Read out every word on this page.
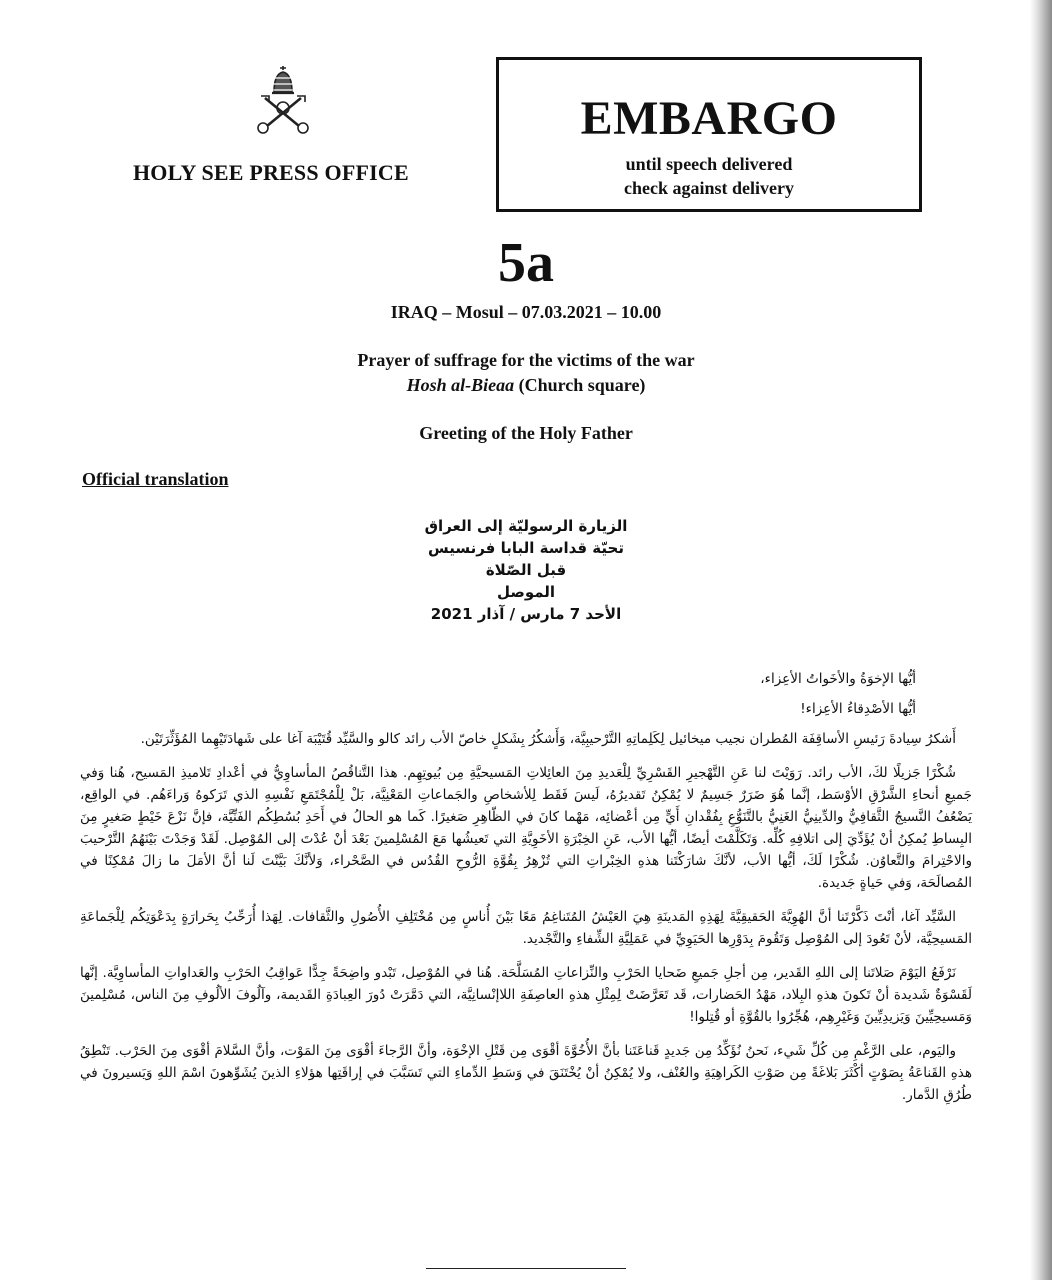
HOLY SEE PRESS OFFICE
EMBARGO
until speech delivered
check against delivery
5a
IRAQ – Mosul – 07.03.2021 – 10.00
Prayer of suffrage for the victims of the war
Hosh al-Bieaa (Church square)
Greeting of the Holy Father
Official translation
الزيارة الرسوليّة إلى العراق
تحيّة قداسة البابا فرنسيس
قبل الصّلاة
الموصل
الأحد 7 مارس / آذار 2021

أيُّها الإخوَةُ والأخَواتُ الأعِزاء،

أيُّها الأصْدِقاءُ الأعِزاء!

أَشكرُ سِيادةَ رَئيسِ الأساقِفَة المُطران نجيب ميخائيل لِكَلِماتِهِ التَّرْحيبِيَّة، وَأَشكُرُ بِشَكلٍ خاصّ الأب رائد كالو والسَّيِّد قُتَيْبَة آغا على شَهادَتَيْهِما المُؤَثِّرَتَيْن.

شُكْرًا جَزيلًا لكَ، الأب رائد. رَوَيْتَ لنا عَنِ التَّهْجيرِ القَسْرِيِّ لِلْعَديدِ مِنَ العائِلاتِ المَسيحيَّةِ مِن بُيوتِهِم. هذا التَّناقُصُ المأساوِيُّ في أعْدادِ تَلاميذِ المَسيح، هُنا وَفي جَميعِ أنحاءِ الشَّرْقِ الأوْسَط، إنَّما هُوَ ضَرَرٌ جَسِيمٌ لا يُمْكِنُ تَقديرُهُ، لَيسَ فَقَط لِلأشخاصِ والجَماعاتِ المَعْنِيَّة، بَلْ لِلْمُجْتَمَعِ نَفْسِهِ الذي تَرَكوهُ وَراءَهُم. في الواقِع، يَضْعُفُ النَّسيجُ الثَّقافِيُّ والدِّينِيُّ الغَنِيُّ بالتَّنَوُّعِ بِفُقْدانِ أَيٍّ مِن أعْضائِه، مَهْما كانَ في الظّاهِرِ صَغيرًا. كَما هو الحالُ في أَحَدِ بُسُطِكُم الفَنِّيَّة، فإنَّ نَزْعَ خَيْطٍ صَغيرٍ مِنَ البِساطِ يُمكِنُ أنْ يُؤَدِّيَ إلى اتلافِهِ كُلِّه. وَتَكَلَّمْتَ أيضًا، أيُّها الأب، عَنِ الخِبْرَةِ الأخَوِيَّةِ التي تَعيشُها مَعَ المُسْلِمينَ بَعْدَ أنْ عُدْتَ إلى المُوْصِل. لَقَدْ وَجَدْتَ بَيْنَهُمُ التَّرْحيبَ والاحْتِرامَ والتَّعاوُن. شُكْرًا لَكَ، أيُّها الأب، لأنَّكَ شارَكْتَنا هذهِ الخِبْراتِ التي تُزْهِرُ بِقُوَّةِ الرُّوحِ القُدُس في الصَّحْراء، وَلأنَّكَ بَيَّنْتَ لَنا أنَّ الأمَلَ ما زالَ مُمْكِنًا في المُصالَحَة، وَفي حَياةٍ جَديدة.

السَّيِّد آغا، أنْتَ ذَكَّرْتَنا أنَّ الهُوِيَّةَ الحَقيقِيَّةَ لِهَذِهِ المَدينَةِ هِيَ العَيْشُ المُتَناغِمُ مَعًا بَيْنَ أُناسٍ مِن مُخْتَلِفِ الأُصُولِ والثَّقافات. لِهَذا أُرَحِّبُ بِحَرارَةٍ بِدَعْوَتِكُم لِلْجَماعَةِ المَسيحِيَّة، لأنْ تَعُودَ إلى المُوْصِل وَتَقُومَ بِدَوْرِها الحَيَوِيِّ في عَمَلِيَّةِ الشِّفاءِ والتَّجْديد.

نَرْفَعُ اليَوْمَ صَلاتَنا إلى اللهِ القَدير، مِن أجلِ جَميعِ ضَحايا الحَرْبِ والنِّزاعاتِ المُسَلَّحَة. هُنا في المُوْصِل، تَبْدو واضِحَةً جِدًّا عَواقِبُ الحَرْبِ والعَداواتِ المأساوِيَّة. إنَّها لَقَسْوَةٌ شَديدة أنْ تَكونَ هذهِ البِلاد، مَهْدُ الحَضارات، قَد تَعَرَّضَتْ لِمِثْلِ هذهِ العاصِفَةِ اللاإنْسانِيَّة، التي دَمَّرَتْ دُورَ العِبادَةِ القَديمة، وآلُوفَ الألُوفِ مِنَ الناس، مُسْلِمينَ وَمَسيحِيِّينَ وَيَزيدِيِّينَ وَغَيْرِهِم، هُجِّرُوا بالقُوَّةِ أو قُتِلوا!

واليَوم، على الرَّغْمِ مِن كُلِّ شَيء، نَحنُ نُؤَكِّدُ مِن جَديدٍ قَناعَتَنا بأنَّ الأُخُوَّةَ أقْوَى مِن قَتْلِ الإخْوَة، وأنَّ الرَّجاءَ أقْوَى مِنَ المَوْت، وأنَّ السَّلامَ أقْوَى مِنَ الحَرْب. تَنْطِقُ هذهِ القَناعَةُ بِصَوْتٍ أكْثَرَ بَلاغَةً مِن صَوْتِ الكَراهِيَةِ والعُنْف، ولا يُمْكِنُ أنْ يُخْتَنَقَ في وَسَطِ الدِّماءِ التي تَسَبَّبَ في إراقَتِها هؤلاءِ الذينَ يُشَوِّهونَ اسْمَ اللهِ وَيَسيرونَ في طُرُقِ الدَّمار.
